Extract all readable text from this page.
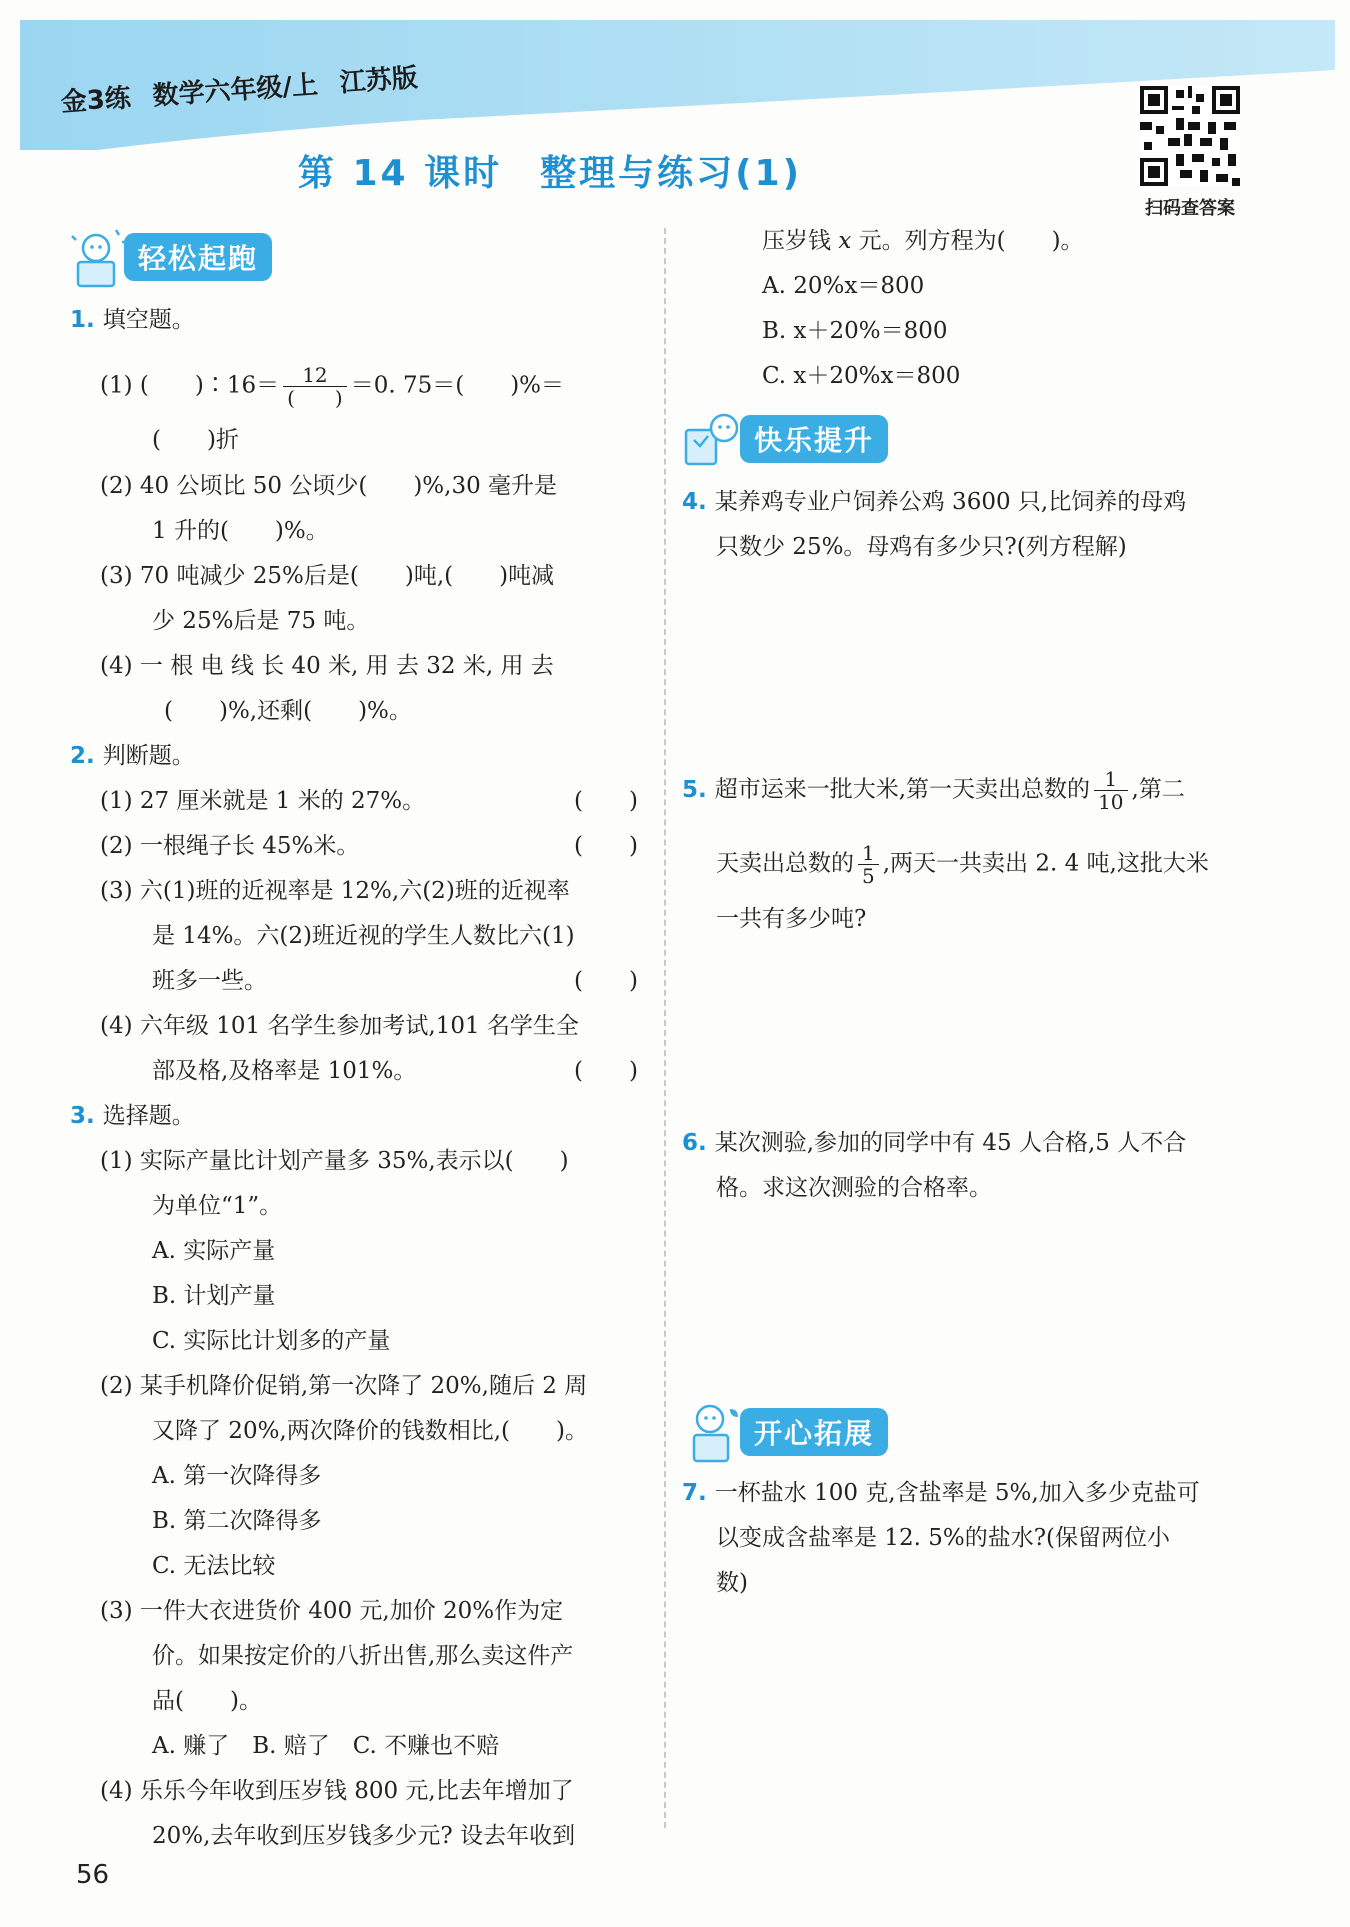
金3练 数学六年级/上 江苏版
第 14 课时 整理与练习(1)
扫码查答案
轻松起跑
1. 填空题。
(1) (　　)∶16＝ $\frac{12}{( )} =0$. 75＝(　　)%＝
(　　)折
(2) 40 公顷比 50 公顷少(　　)%,30 毫升是
1 升的(　　)%。
(3) 70 吨减少 25%后是(　　)吨,(　　)吨减
少 25%后是 75 吨。
(4) 一 根 电 线 长 40 米, 用 去 32 米, 用 去
(　　)%,还剩(　　)%。
2. 判断题。
(1) 27 厘米就是 1 米的 27%。	(　　)
(2) 一根绳子长 45%米。	(　　)
(3) 六(1)班的近视率是 12%,六(2)班的近视率
是 14%。六(2)班近视的学生人数比六(1)
班多一些。	(　　)
(4) 六年级 101 名学生参加考试,101 名学生全
部及格,及格率是 101%。	(　　)
3. 选择题。
(1) 实际产量比计划产量多 35%,表示以(　　)
为单位“1”。
A. 实际产量
B. 计划产量
C. 实际比计划多的产量
(2) 某手机降价促销,第一次降了 20%,随后 2 周
又降了 20%,两次降价的钱数相比,(　　)。
A. 第一次降得多
B. 第二次降得多
C. 无法比较
(3) 一件大衣进货价 400 元,加价 20%作为定
价。如果按定价的八折出售,那么卖这件产
品(　　)。
A. 赚了　B. 赔了　C. 不赚也不赔
(4) 乐乐今年收到压岁钱 800 元,比去年增加了
20%,去年收到压岁钱多少元? 设去年收到
56
压岁钱 x 元。列方程为(　　)。
A. 20%x＝800
B. x＋20%＝800
C. x＋20%x＝800
快乐提升
4. 某养鸡专业户饲养公鸡 3600 只,比饲养的母鸡
只数少 25%。母鸡有多少只?(列方程解)
5. 超市运来一批大米,第一天卖出总数的 $\frac{1}{10}$ ,第二
天卖出总数的 $\frac{1}{5}$ ,两天一共卖出 2. 4 吨,这批大米
一共有多少吨?
6. 某次测验,参加的同学中有 45 人合格,5 人不合
格。求这次测验的合格率。
开心拓展
7. 一杯盐水 100 克,含盐率是 5%,加入多少克盐可
以变成含盐率是 12. 5%的盐水?(保留两位小
数)
